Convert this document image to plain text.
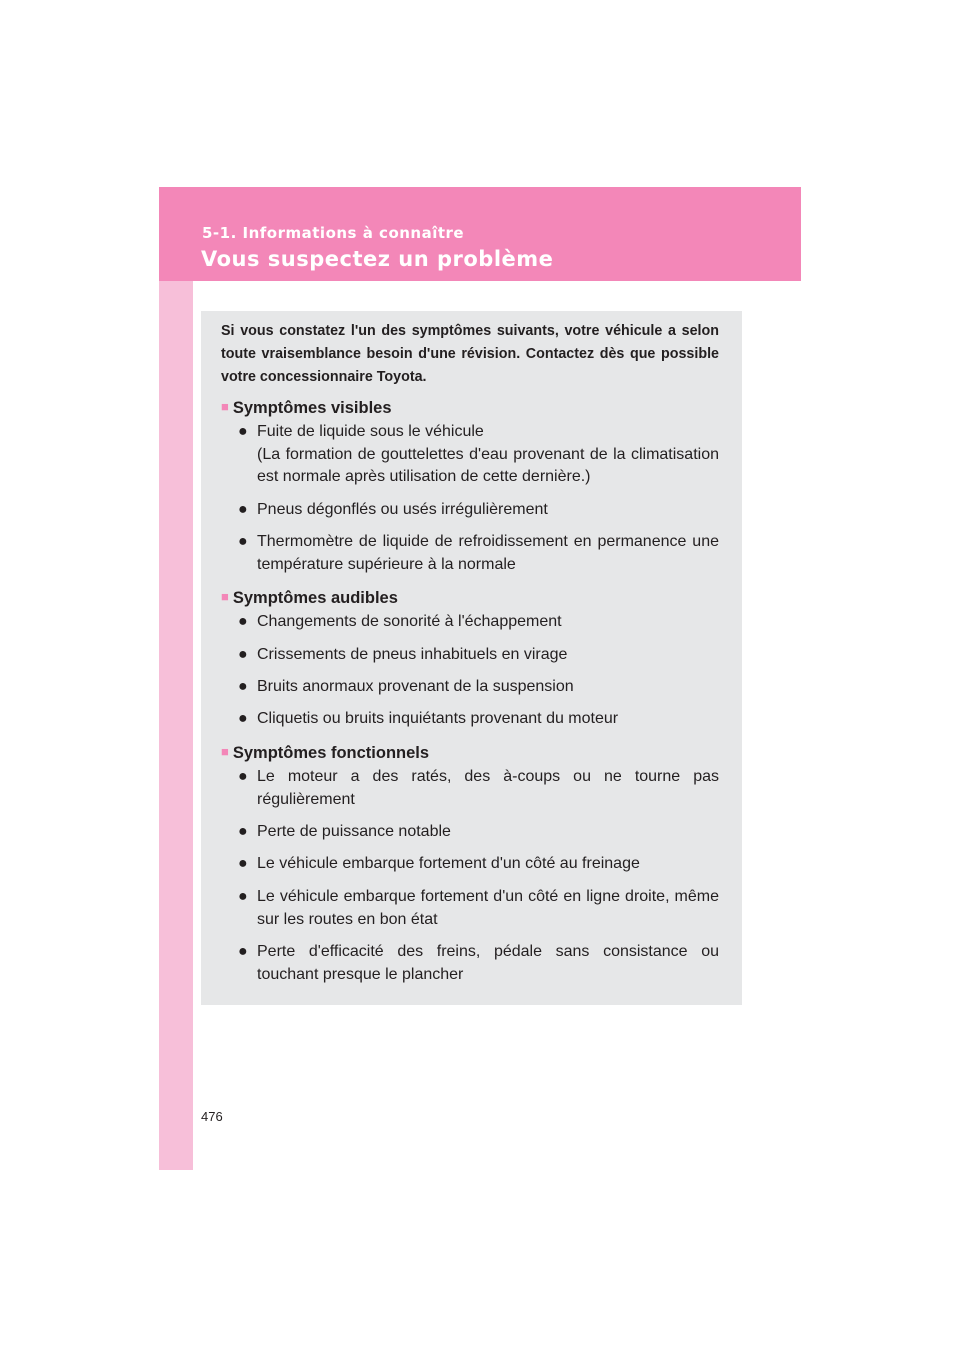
5-1. Informations à connaître
Vous suspectez un problème

Si vous constatez l'un des symptômes suivants, votre véhicule a selon toute vraisemblance besoin d'une révision. Contactez dès que possible votre concessionnaire Toyota.

■ Symptômes visibles
● Fuite de liquide sous le véhicule
(La formation de gouttelettes d'eau provenant de la climatisation est normale après utilisation de cette dernière.)
● Pneus dégonflés ou usés irrégulièrement
● Thermomètre de liquide de refroidissement en permanence une température supérieure à la normale
■ Symptômes audibles
● Changements de sonorité à l'échappement
● Crissements de pneus inhabituels en virage
● Bruits anormaux provenant de la suspension
● Cliquetis ou bruits inquiétants provenant du moteur
■ Symptômes fonctionnels
● Le moteur a des ratés, des à-coups ou ne tourne pas régulièrement
● Perte de puissance notable
● Le véhicule embarque fortement d'un côté au freinage
● Le véhicule embarque fortement d'un côté en ligne droite, même sur les routes en bon état
● Perte d'efficacité des freins, pédale sans consistance ou touchant presque le plancher
476
